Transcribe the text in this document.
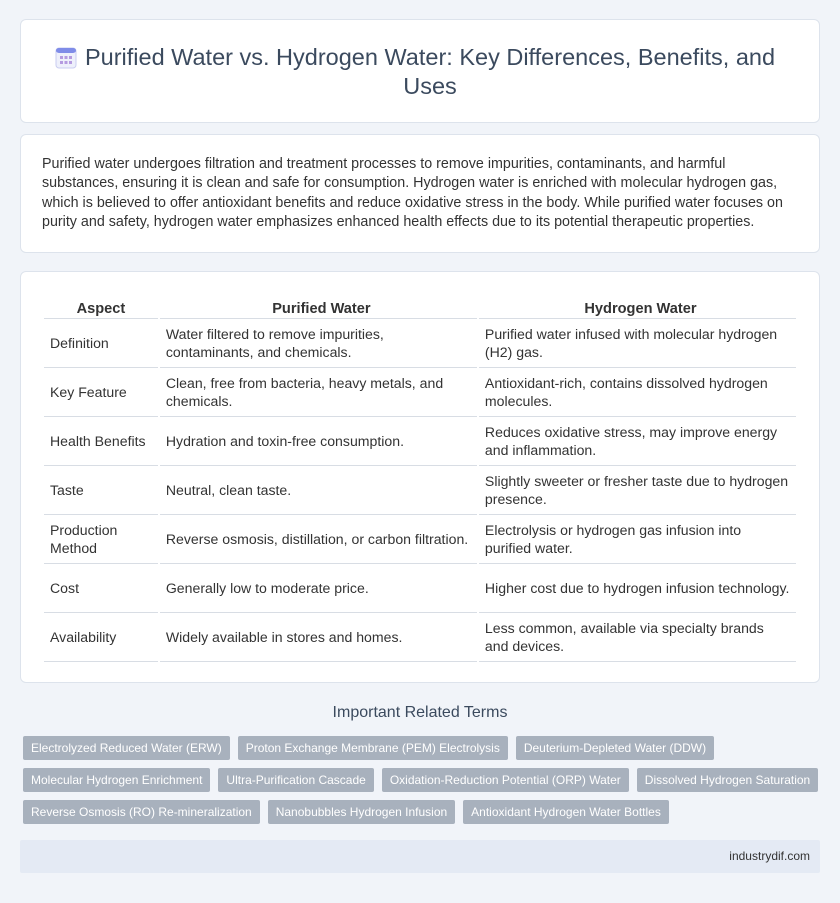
Purified Water vs. Hydrogen Water: Key Differences, Benefits, and Uses

Purified water undergoes filtration and treatment processes to remove impurities, contaminants, and harmful substances, ensuring it is clean and safe for consumption. Hydrogen water is enriched with molecular hydrogen gas, which is believed to offer antioxidant benefits and reduce oxidative stress in the body. While purified water focuses on purity and safety, hydrogen water emphasizes enhanced health effects due to its potential therapeutic properties.

Aspect	Purified Water	Hydrogen Water
Definition	Water filtered to remove impurities, contaminants, and chemicals.	Purified water infused with molecular hydrogen (H2) gas.
Key Feature	Clean, free from bacteria, heavy metals, and chemicals.	Antioxidant-rich, contains dissolved hydrogen molecules.
Health Benefits	Hydration and toxin-free consumption.	Reduces oxidative stress, may improve energy and inflammation.
Taste	Neutral, clean taste.	Slightly sweeter or fresher taste due to hydrogen presence.
Production Method	Reverse osmosis, distillation, or carbon filtration.	Electrolysis or hydrogen gas infusion into purified water.
Cost	Generally low to moderate price.	Higher cost due to hydrogen infusion technology.
Availability	Widely available in stores and homes.	Less common, available via specialty brands and devices.
Important Related Terms
Electrolyzed Reduced Water (ERW)	Proton Exchange Membrane (PEM) Electrolysis	Deuterium-Depleted Water (DDW)
Molecular Hydrogen Enrichment	Ultra-Purification Cascade	Oxidation-Reduction Potential (ORP) Water	Dissolved Hydrogen Saturation
Reverse Osmosis (RO) Re-mineralization	Nanobubbles Hydrogen Infusion	Antioxidant Hydrogen Water Bottles
industrydif.com
